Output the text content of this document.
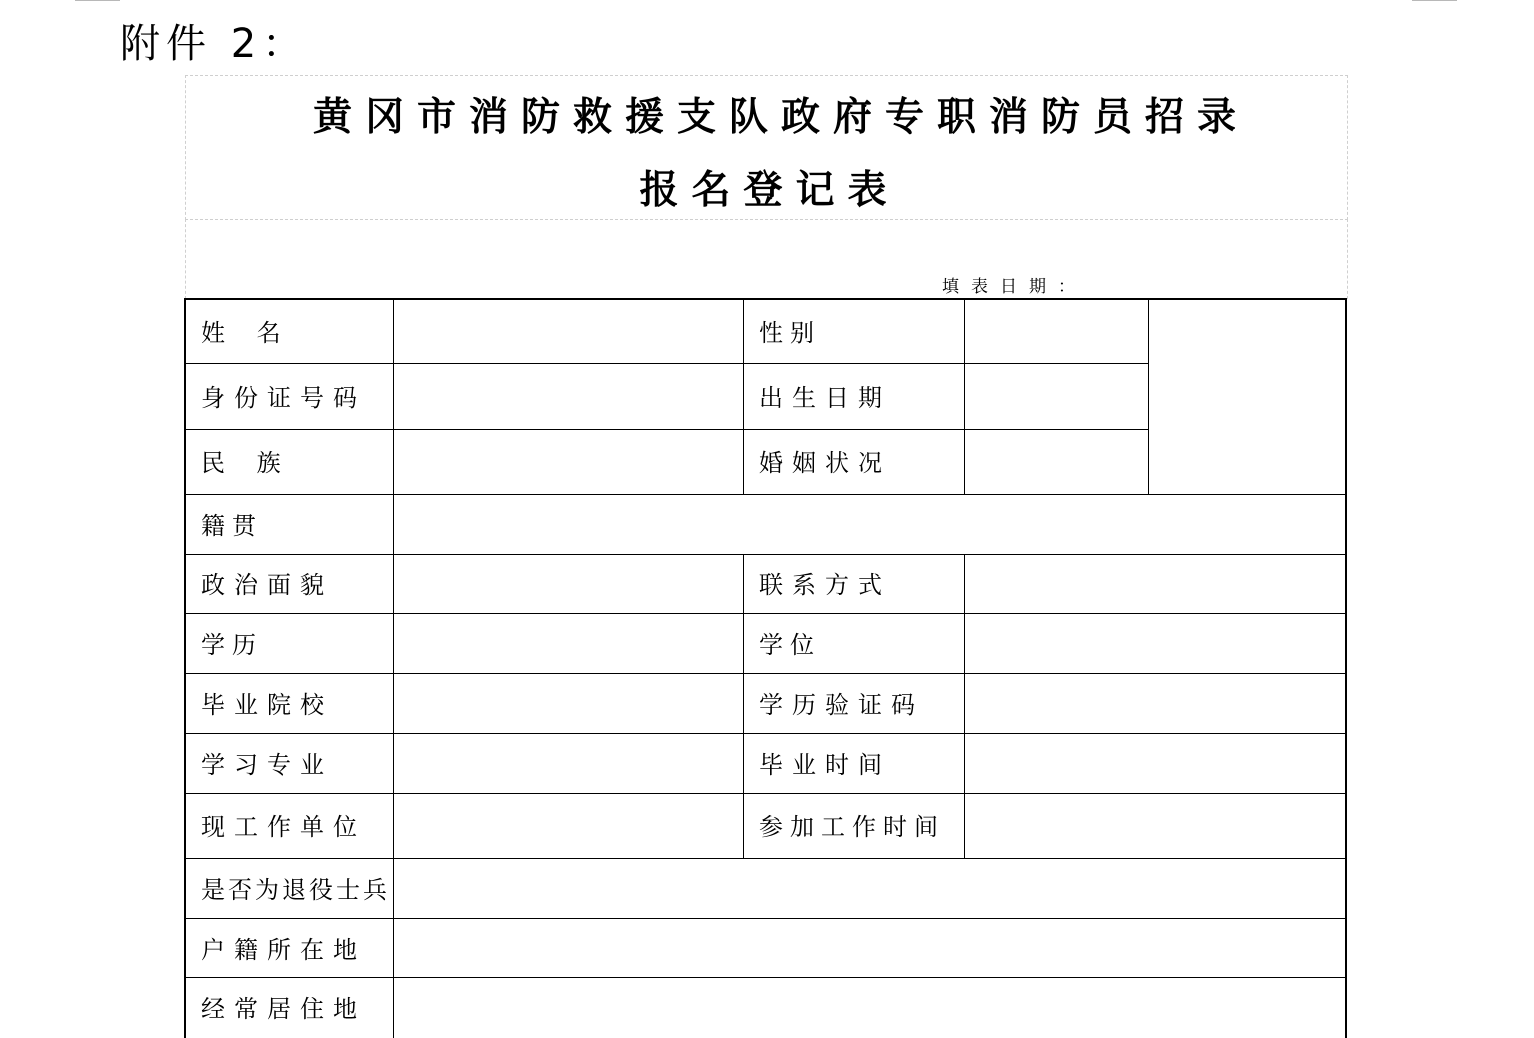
附件 2：
黄冈市消防救援支队政府专职消防员招录
报名登记表
填表日期：
姓 名	性别
身份证号码	出生日期
民 族	婚姻状况
籍贯
政治面貌	联系方式
学历	学位
毕业院校	学历验证码
学习专业	毕业时间
现工作单位	参加工作时间
是否为退役士兵
户籍所在地
经常居住地
